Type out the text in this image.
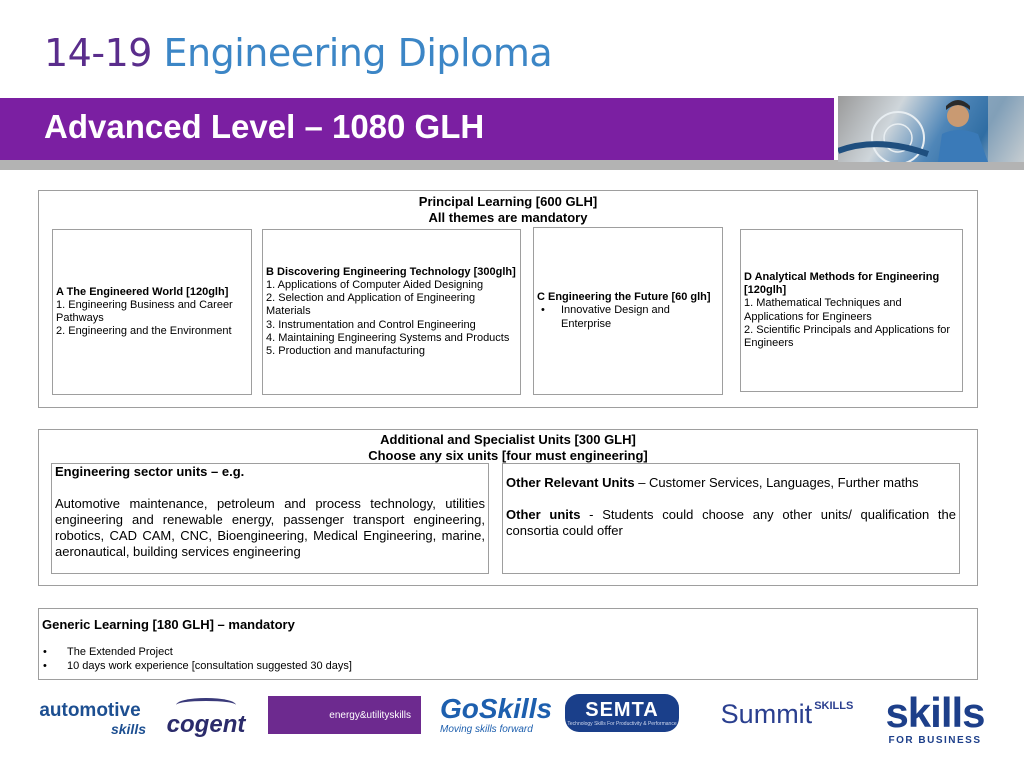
14-19 Engineering Diploma
Advanced Level – 1080 GLH
Principal Learning [600 GLH]
All themes are mandatory
A The Engineered World [120glh]
1. Engineering Business and Career Pathways
2. Engineering and the Environment
B Discovering Engineering Technology [300glh]
1. Applications of Computer Aided Designing
2. Selection and Application of Engineering Materials
3. Instrumentation and Control Engineering
4. Maintaining Engineering Systems and Products
5. Production and manufacturing
C Engineering the Future [60 glh]
• Innovative Design and Enterprise
D Analytical Methods for Engineering [120glh]
1. Mathematical Techniques and Applications for Engineers
2. Scientific Principals and Applications for Engineers
Additional and Specialist Units [300 GLH]
Choose any six units [four must engineering]

Engineering sector units – e.g.

Automotive maintenance, petroleum and process technology, utilities engineering and renewable energy, passenger transport engineering, robotics, CAD CAM, CNC, Bioengineering, Medical Engineering, marine, aeronautical, building services engineering

Other Relevant Units – Customer Services, Languages, Further maths

Other units - Students could choose any other units/ qualification the consortia could offer

Generic Learning [180 GLH] – mandatory
• The Extended Project
• 10 days work experience [consultation suggested 30 days]
automotive
skills cogent	energy&utilityskills GoSkills
Moving skills forward
SEMTA
Technology Skills For Productivity & Performance Summit SKILLS skills
FOR BUSINESS
